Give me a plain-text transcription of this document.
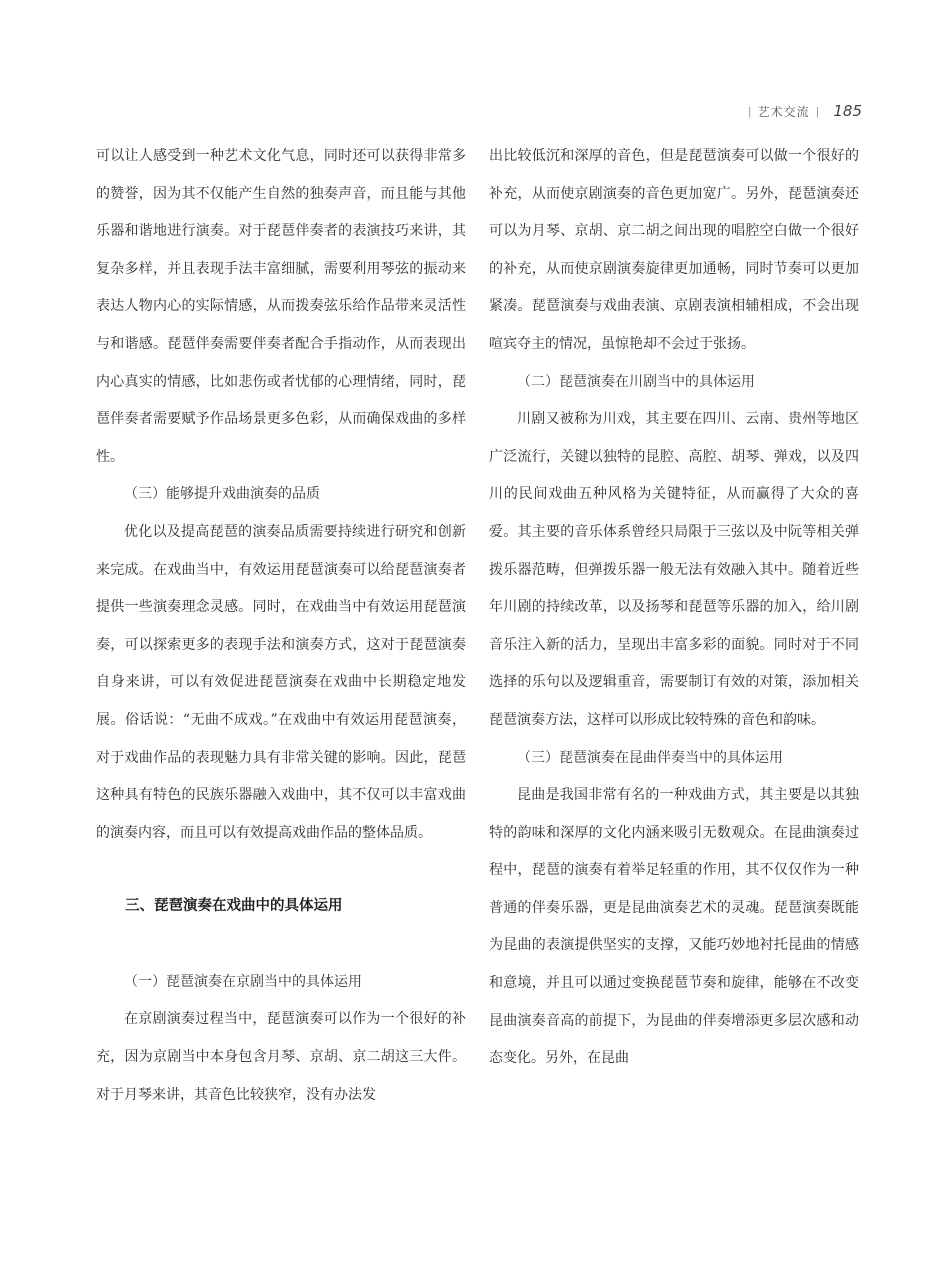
| 艺术交流 | 185

可以让人感受到一种艺术文化气息，同时还可以获得非常多的赞誉，因为其不仅能产生自然的独奏声音，而且能与其他乐器和谐地进行演奏。对于琵琶伴奏者的表演技巧来讲，其复杂多样，并且表现手法丰富细腻，需要利用琴弦的振动来表达人物内心的实际情感，从而拨奏弦乐给作品带来灵活性与和谐感。琵琶伴奏需要伴奏者配合手指动作，从而表现出内心真实的情感，比如悲伤或者忧郁的心理情绪，同时，琵琶伴奏者需要赋予作品场景更多色彩，从而确保戏曲的多样性。

（三）能够提升戏曲演奏的品质

优化以及提高琵琶的演奏品质需要持续进行研究和创新来完成。在戏曲当中，有效运用琵琶演奏可以给琵琶演奏者提供一些演奏理念灵感。同时，在戏曲当中有效运用琵琶演奏，可以探索更多的表现手法和演奏方式，这对于琵琶演奏自身来讲，可以有效促进琵琶演奏在戏曲中长期稳定地发展。俗话说：“无曲不成戏。”在戏曲中有效运用琵琶演奏，对于戏曲作品的表现魅力具有非常关键的影响。因此，琵琶这种具有特色的民族乐器融入戏曲中，其不仅可以丰富戏曲的演奏内容，而且可以有效提高戏曲作品的整体品质。

三、琵琶演奏在戏曲中的具体运用

（一）琵琶演奏在京剧当中的具体运用

在京剧演奏过程当中，琵琶演奏可以作为一个很好的补充，因为京剧当中本身包含月琴、京胡、京二胡这三大件。对于月琴来讲，其音色比较狭窄，没有办法发

出比较低沉和深厚的音色，但是琵琶演奏可以做一个很好的补充，从而使京剧演奏的音色更加宽广。另外，琵琶演奏还可以为月琴、京胡、京二胡之间出现的唱腔空白做一个很好的补充，从而使京剧演奏旋律更加通畅，同时节奏可以更加紧凑。琵琶演奏与戏曲表演、京剧表演相辅相成，不会出现喧宾夺主的情况，虽惊艳却不会过于张扬。

（二）琵琶演奏在川剧当中的具体运用

川剧又被称为川戏，其主要在四川、云南、贵州等地区广泛流行，关键以独特的昆腔、高腔、胡琴、弹戏，以及四川的民间戏曲五种风格为关键特征，从而赢得了大众的喜爱。其主要的音乐体系曾经只局限于三弦以及中阮等相关弹拨乐器范畴，但弹拨乐器一般无法有效融入其中。随着近些年川剧的持续改革，以及扬琴和琵琶等乐器的加入，给川剧音乐注入新的活力，呈现出丰富多彩的面貌。同时对于不同选择的乐句以及逻辑重音，需要制订有效的对策，添加相关琵琶演奏方法，这样可以形成比较特殊的音色和韵味。

（三）琵琶演奏在昆曲伴奏当中的具体运用

昆曲是我国非常有名的一种戏曲方式，其主要是以其独特的韵味和深厚的文化内涵来吸引无数观众。在昆曲演奏过程中，琵琶的演奏有着举足轻重的作用，其不仅仅作为一种普通的伴奏乐器，更是昆曲演奏艺术的灵魂。琵琶演奏既能为昆曲的表演提供坚实的支撑，又能巧妙地衬托昆曲的情感和意境，并且可以通过变换琵琶节奏和旋律，能够在不改变昆曲演奏音高的前提下，为昆曲的伴奏增添更多层次感和动态变化。另外，在昆曲
